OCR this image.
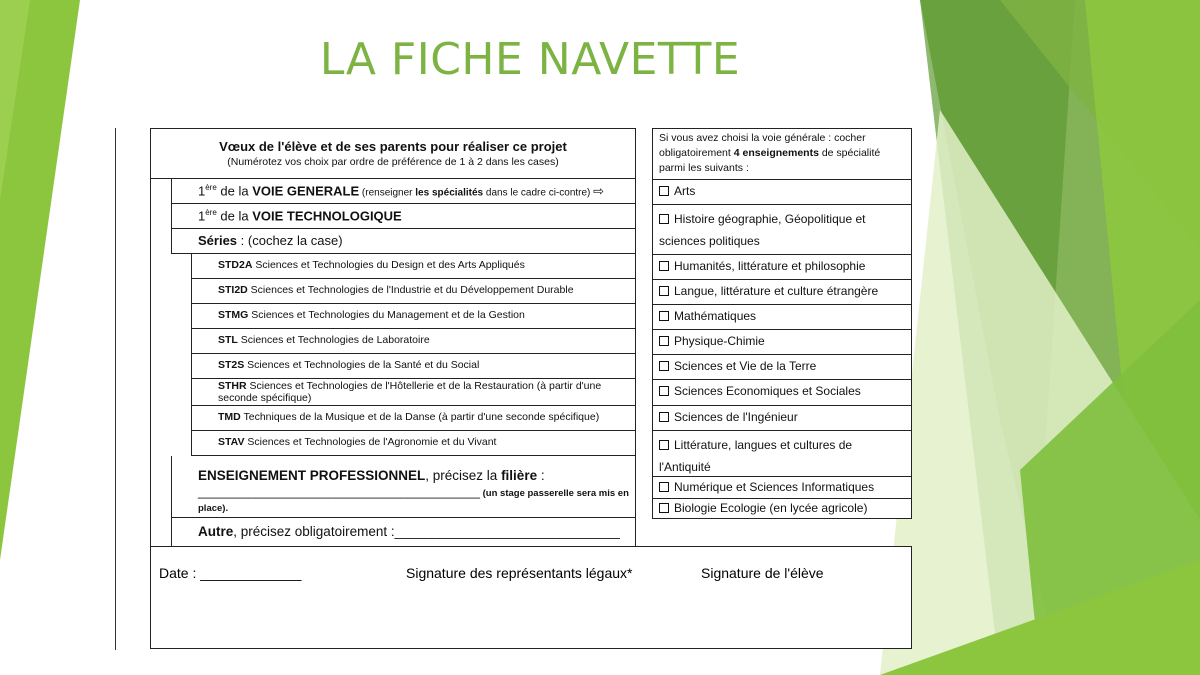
LA FICHE NAVETTE
Vœux de l'élève et de ses parents pour réaliser ce projet
(Numérotez vos choix par ordre de préférence de 1 à 2 dans les cases)
1ère de la VOIE GENERALE (renseigner les spécialités dans le cadre ci-contre) ⇨
1ère de la VOIE TECHNOLOGIQUE
Séries : (cochez la case)
STD2A Sciences et Technologies du Design et des Arts Appliqués
STI2D Sciences et Technologies de l'Industrie et du Développement Durable
STMG Sciences et Technologies du Management et de la Gestion
STL Sciences et Technologies de Laboratoire
ST2S Sciences et Technologies de la Santé et du Social
STHR Sciences et Technologies de l'Hôtellerie et de la Restauration (à partir d'une seconde spécifique)
TMD Techniques de la Musique et de la Danse (à partir d'une seconde spécifique)
STAV Sciences et Technologies de l'Agronomie et du Vivant
ENSEIGNEMENT PROFESSIONNEL, précisez la filière :
_______________________________________ (un stage passerelle sera mis en place).
Autre, précisez obligatoirement :______________________________
Si vous avez choisi la voie générale : cocher obligatoirement 4 enseignements de spécialité parmi les suivants :
Arts
Histoire géographie, Géopolitique et sciences politiques
Humanités, littérature et philosophie
Langue, littérature et culture étrangère
Mathématiques
Physique-Chimie
Sciences et Vie de la Terre
Sciences Economiques et Sociales
Sciences de l'Ingénieur
Littérature, langues et cultures de l'Antiquité
Numérique et Sciences Informatiques
Biologie Ecologie (en lycée agricole)
Date : _____________	Signature des représentants légaux*	Signature de l'élève
